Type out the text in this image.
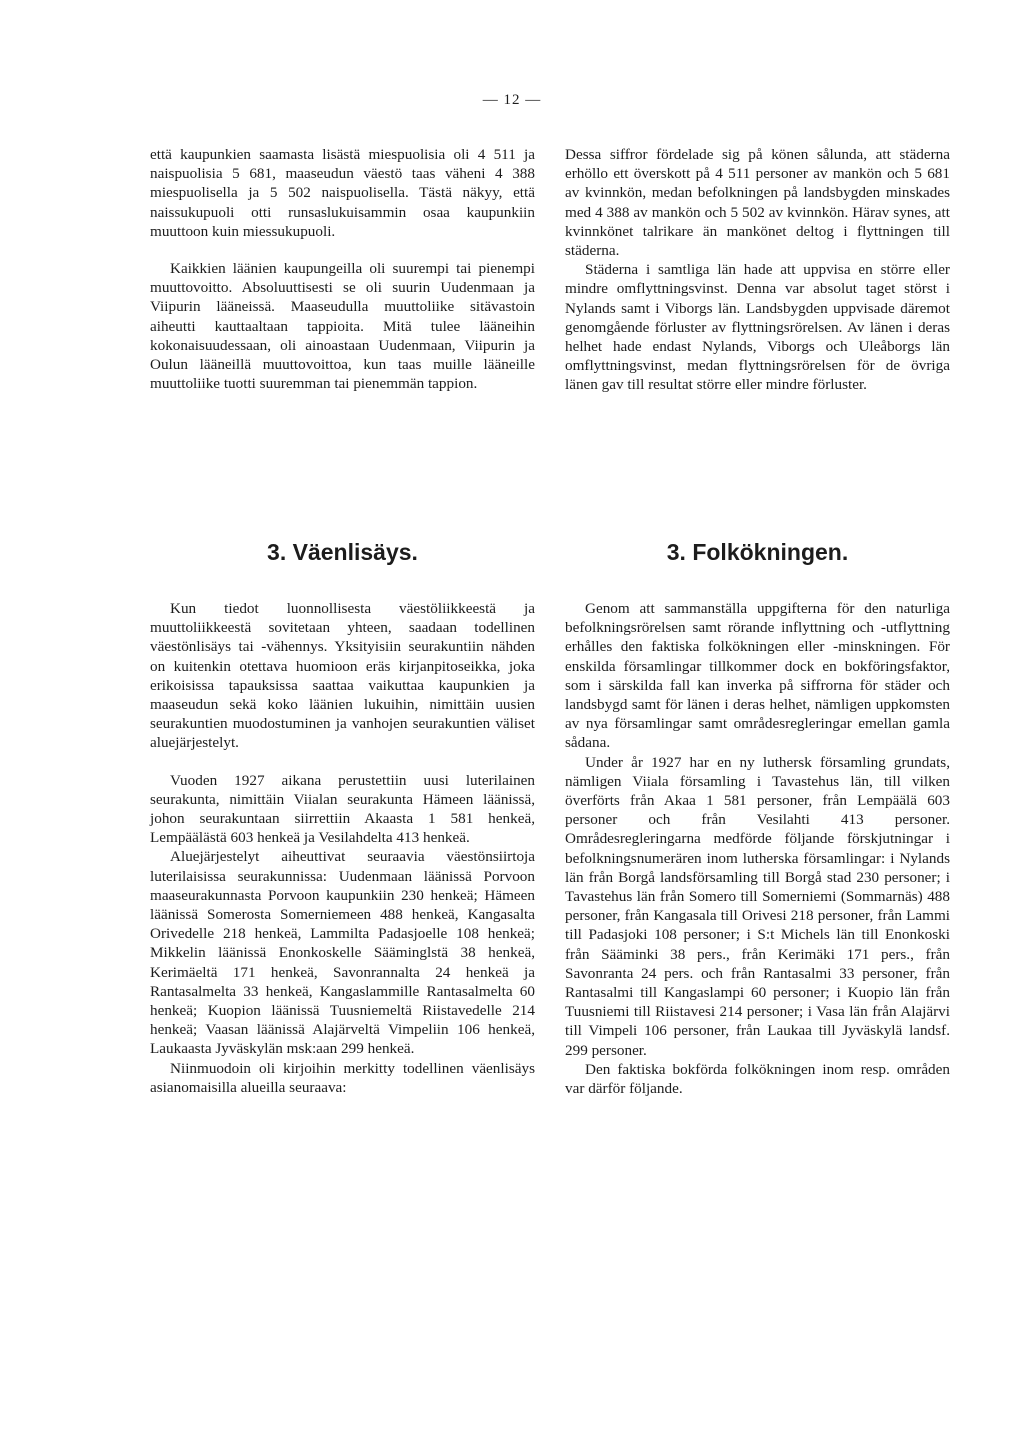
— 12 —

että kaupunkien saamasta lisästä miespuolisia oli 4 511 ja naispuolisia 5 681, maaseudun väestö taas väheni 4 388 miespuolisella ja 5 502 naispuolisella. Tästä näkyy, että naissukupuoli otti runsaslukuisammin osaa kaupunkiin muuttoon kuin miessukupuoli.

Kaikkien läänien kaupungeilla oli suurempi tai pienempi muuttovoitto. Absoluuttisesti se oli suurin Uudenmaan ja Viipurin lääneissä. Maaseudulla muuttoliike sitävastoin aiheutti kauttaaltaan tappioita. Mitä tulee lääneihin kokonaisuudessaan, oli ainoastaan Uudenmaan, Viipurin ja Oulun lääneillä muuttovoittoa, kun taas muille lääneille muuttoliike tuotti suuremman tai pienemmän tappion.

Dessa siffror fördelade sig på könen sålunda, att städerna erhöllo ett överskott på 4 511 personer av mankön och 5 681 av kvinnkön, medan befolkningen på landsbygden minskades med 4 388 av mankön och 5 502 av kvinnkön. Härav synes, att kvinnkönet talrikare än mankönet deltog i flyttningen till städerna.

Städerna i samtliga län hade att uppvisa en större eller mindre omflyttningsvinst. Denna var absolut taget störst i Nylands samt i Viborgs län. Landsbygden uppvisade däremot genomgående förluster av flyttningsrörelsen. Av länen i deras helhet hade endast Nylands, Viborgs och Uleåborgs län omflyttningsvinst, medan flyttningsrörelsen för de övriga länen gav till resultat större eller mindre förluster.

3. Väenlisäys.	3. Folkökningen.

Kun tiedot luonnollisesta väestöliikkeestä ja muuttoliikkeestä sovitetaan yhteen, saadaan todellinen väestönlisäys tai -vähennys. Yksityisiin seurakuntiin nähden on kuitenkin otettava huomioon eräs kirjanpitoseikka, joka erikoisissa tapauksissa saattaa vaikuttaa kaupunkien ja maaseudun sekä koko läänien lukuihin, nimittäin uusien seurakuntien muodostuminen ja vanhojen seurakuntien väliset aluejärjestelyt.

Vuoden 1927 aikana perustettiin uusi luterilainen seurakunta, nimittäin Viialan seurakunta Hämeen läänissä, johon seurakuntaan siirrettiin Akaasta 1 581 henkeä, Lempäälästä 603 henkeä ja Vesilahdelta 413 henkeä.

Aluejärjestelyt aiheuttivat seuraavia väestönsiirtoja luterilaisissa seurakunnissa: Uudenmaan läänissä Porvoon maaseurakunnasta Porvoon kaupunkiin 230 henkeä; Hämeen läänissä Somerosta Somerniemeen 488 henkeä, Kangasalta Orivedelle 218 henkeä, Lammilta Padasjoelle 108 henkeä; Mikkelin läänissä Enonkoskelle Sääminglstä 38 henkeä, Kerimäeltä 171 henkeä, Savonrannalta 24 henkeä ja Rantasalmelta 33 henkeä, Kangaslammille Rantasalmelta 60 henkeä; Kuopion läänissä Tuusniemeltä Riistavedelle 214 henkeä; Vaasan läänissä Alajärveltä Vimpeliin 106 henkeä, Laukaasta Jyväskylän msk:aan 299 henkeä.

Niinmuodoin oli kirjoihin merkitty todellinen väenlisäys asianomaisilla alueilla seuraava:

Genom att sammanställa uppgifterna för den naturliga befolkningsrörelsen samt rörande inflyttning och -utflyttning erhålles den faktiska folkökningen eller -minskningen. För enskilda församlingar tillkommer dock en bokföringsfaktor, som i särskilda fall kan inverka på siffrorna för städer och landsbygd samt för länen i deras helhet, nämligen uppkomsten av nya församlingar samt områdesregleringar emellan gamla sådana.

Under år 1927 har en ny luthersk församling grundats, nämligen Viiala församling i Tavastehus län, till vilken överförts från Akaa 1 581 personer, från Lempäälä 603 personer och från Vesilahti 413 personer. Områdesregleringarna medförde följande förskjutningar i befolkningsnumerären inom lutherska församlingar: i Nylands län från Borgå landsförsamling till Borgå stad 230 personer; i Tavastehus län från Somero till Somerniemi (Sommarnäs) 488 personer, från Kangasala till Orivesi 218 personer, från Lammi till Padasjoki 108 personer; i S:t Michels län till Enonkoski från Sääminki 38 pers., från Kerimäki 171 pers., från Savonranta 24 pers. och från Rantasalmi 33 personer, från Rantasalmi till Kangaslampi 60 personer; i Kuopio län från Tuusniemi till Riistavesi 214 personer; i Vasa län från Alajärvi till Vimpeli 106 personer, från Laukaa till Jyväskylä landsf. 299 personer.

Den faktiska bokförda folkökningen inom resp. områden var därför följande.
